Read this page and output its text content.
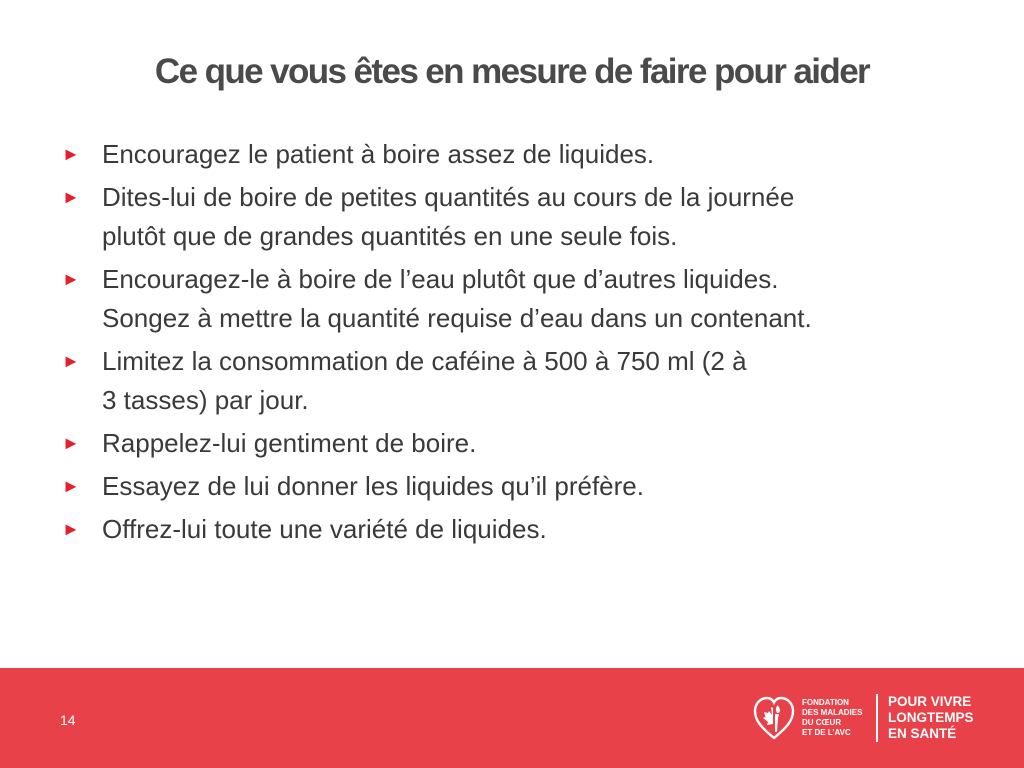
Ce que vous êtes en mesure de faire pour aider
► Encouragez le patient à boire assez de liquides.
► Dites-lui de boire de petites quantités au cours de la journée
plutôt que de grandes quantités en une seule fois.
► Encouragez-le à boire de l’eau plutôt que d’autres liquides.
Songez à mettre la quantité requise d’eau dans un contenant.
► Limitez la consommation de caféine à 500 à 750 ml (2 à
3 tasses) par jour.
► Rappelez-lui gentiment de boire.
► Essayez de lui donner les liquides qu’il préfère.
► Offrez-lui toute une variété de liquides.
14
FONDATION
DES MALADIES
DU CŒUR
ET DE L’AVC
POUR VIVRE
LONGTEMPS
EN SANTÉ
